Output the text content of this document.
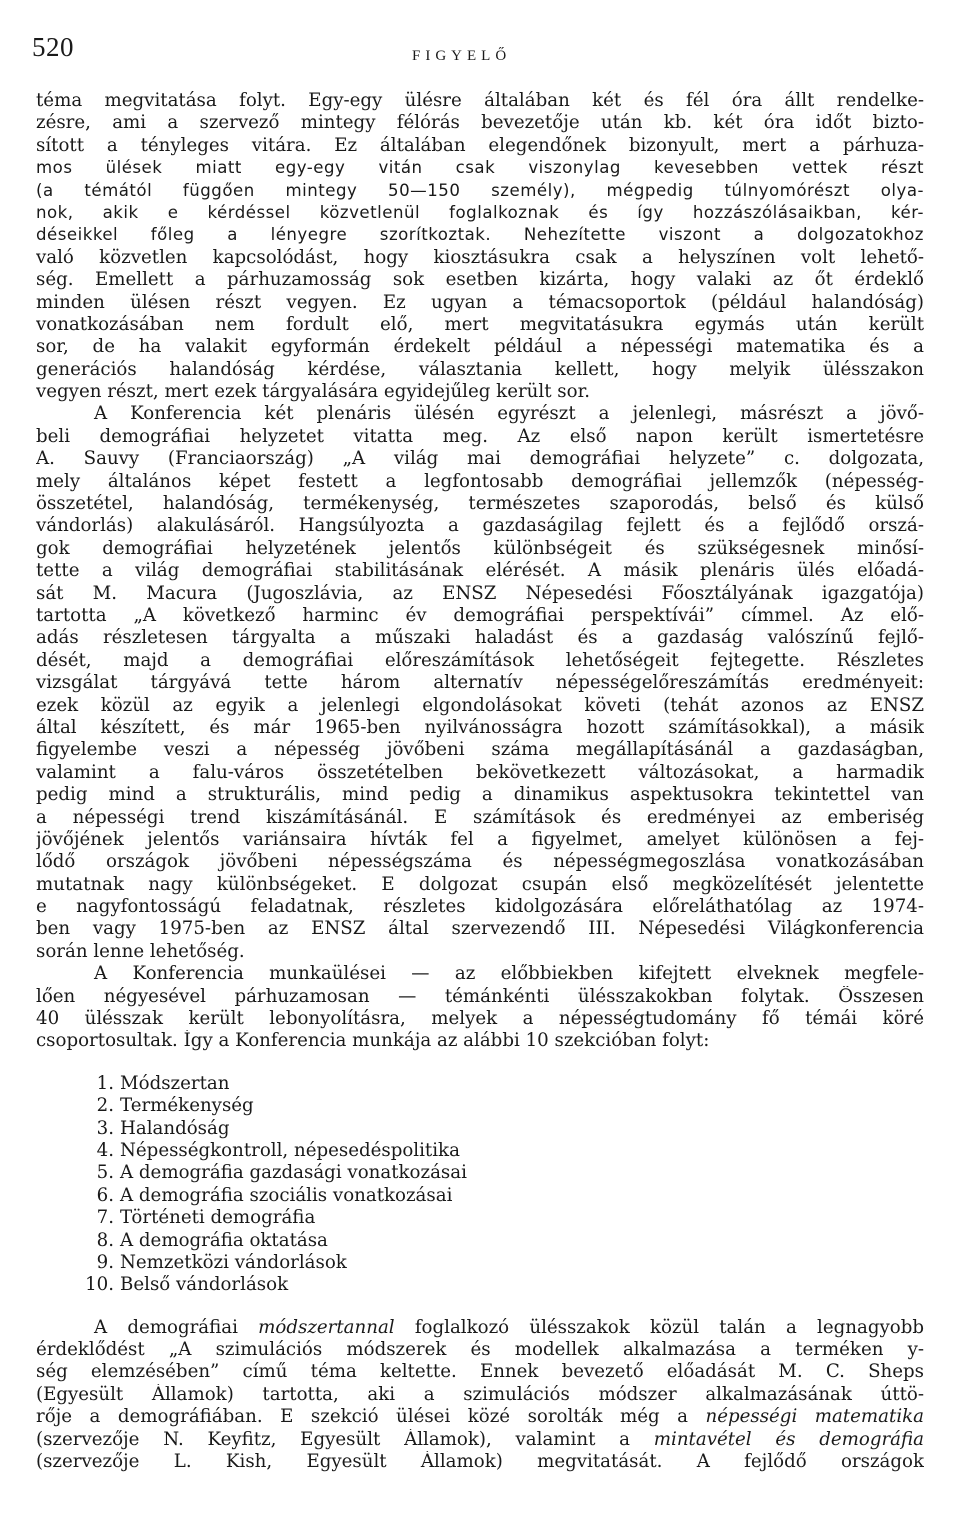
520	FIGYELŐ
téma megvitatása folyt. Egy-egy ülésre általában két és fél óra állt rendelke-
zésre, ami a szervező mintegy félórás bevezetője után kb. két óra időt bizto-
sított a tényleges vitára. Ez általában elegendőnek bizonyult, mert a párhuza-
mos ülések miatt egy-egy vitán csak viszonylag kevesebben vettek részt
(a témától függően mintegy 50—150 személy), mégpedig túlnyomórészt olya-
nok, akik e kérdéssel közvetlenül foglalkoznak és így hozzászólásaikban, kér-
déseikkel főleg a lényegre szorítkoztak. Nehezítette viszont a dolgozatokhoz
való közvetlen kapcsolódást, hogy kiosztásukra csak a helyszínen volt lehető-
ség. Emellett a párhuzamosság sok esetben kizárta, hogy valaki az őt érdeklő
minden ülésen részt vegyen. Ez ugyan a témacsoportok (például halandóság)
vonatkozásában nem fordult elő, mert megvitatásukra egymás után került
sor, de ha valakit egyformán érdekelt például a népességi matematika és a
generációs halandóság kérdése, választania kellett, hogy melyik ülésszakon
vegyen részt, mert ezek tárgyalására egyidejűleg került sor.
A Konferencia két plenáris ülésén egyrészt a jelenlegi, másrészt a jövő-
beli demográfiai helyzetet vitatta meg. Az első napon került ismertetésre
A. Sauvy (Franciaország) „A világ mai demográfiai helyzete” c. dolgozata,
mely általános képet festett a legfontosabb demográfiai jellemzők (népesség-
összetétel, halandóság, termékenység, természetes szaporodás, belső és külső
vándorlás) alakulásáról. Hangsúlyozta a gazdaságilag fejlett és a fejlődő orszá-
gok demográfiai helyzetének jelentős különbségeit és szükségesnek minősí-
tette a világ demográfiai stabilitásának elérését. A másik plenáris ülés előadá-
sát M. Macura (Jugoszlávia, az ENSZ Népesedési Főosztályának igazgatója)
tartotta „A következő harminc év demográfiai perspektívái” címmel. Az elő-
adás részletesen tárgyalta a műszaki haladást és a gazdaság valószínű fejlő-
dését, majd a demográfiai előreszámítások lehetőségeit fejtegette. Részletes
vizsgálat tárgyává tette három alternatív népességelőreszámítás eredményeit:
ezek közül az egyik a jelenlegi elgondolásokat követi (tehát azonos az ENSZ
által készített, és már 1965-ben nyilvánosságra hozott számításokkal), a másik
figyelembe veszi a népesség jövőbeni száma megállapításánál a gazdaságban,
valamint a falu-város összetételben bekövetkezett változásokat, a harmadik
pedig mind a strukturális, mind pedig a dinamikus aspektusokra tekintettel van
a népességi trend kiszámításánál. E számítások és eredményei az emberiség
jövőjének jelentős variánsaira hívták fel a figyelmet, amelyet különösen a fej-
lődő országok jövőbeni népességszáma és népességmegoszlása vonatkozásában
mutatnak nagy különbségeket. E dolgozat csupán első megközelítését jelentette
e nagyfontosságú feladatnak, részletes kidolgozására előreláthatólag az 1974-
ben vagy 1975-ben az ENSZ által szervezendő III. Népesedési Világkonferencia
során lenne lehetőség.
A Konferencia munkaülései — az előbbiekben kifejtett elveknek megfele-
lően négyesével párhuzamosan — témánkénti ülésszakokban folytak. Összesen
40 ülésszak került lebonyolításra, melyek a népességtudomány fő témái köré
csoportosultak. Így a Konferencia munkája az alábbi 10 szekcióban folyt:
1. Módszertan
2. Termékenység
3. Halandóság
4. Népességkontroll, népesedéspolitika
5. A demográfia gazdasági vonatkozásai
6. A demográfia szociális vonatkozásai
7. Történeti demográfia
8. A demográfia oktatása
9. Nemzetközi vándorlások
10. Belső vándorlások
A demográfiai módszertannal foglalkozó ülésszakok közül talán a legnagyobb
érdeklődést „A szimulációs módszerek és modellek alkalmazása a terméken y-
ség elemzésében” című téma keltette. Ennek bevezető előadását M. C. Sheps
(Egyesült Államok) tartotta, aki a szimulációs módszer alkalmazásának úttö-
rője a demográfiában. E szekció ülései közé sorolták még a népességi matematika
(szervezője N. Keyfitz, Egyesült Államok), valamint a mintavétel és demográfia
(szervezője L. Kish, Egyesült Államok) megvitatását. A fejlődő országok
